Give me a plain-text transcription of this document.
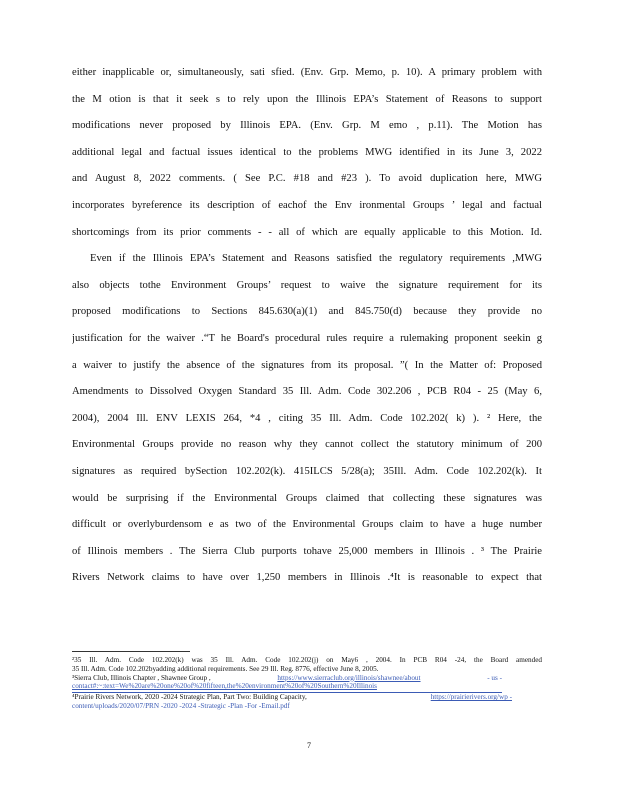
either inapplicable or, simultaneously, sati sfied. (Env. Grp. Memo, p. 10). A primary problem with
the M otion is that it seek s to rely upon the Illinois EPA’s Statement of Reasons to support
modifications never proposed by Illinois EPA. (Env. Grp. M emo , p.11). The Motion has
additional legal and factual issues identical to the problems MWG identified in its June 3, 2022
and August 8, 2022 comments. ( See P.C. #18 and #23 ). To avoid duplication here, MWG
incorporates byreference its description of eachof the Env ironmental Groups ’ legal and factual
shortcomings from its prior comments - - all of which are equally applicable to this Motion. Id.
Even if the Illinois EPA’s Statement and Reasons satisfied the regulatory requirements ,MWG
also objects tothe Environment Groups’ request to waive the signature requirement for its
proposed modifications to Sections 845.630(a)(1) and 845.750(d) because they provide no
justification for the waiver .“T he Board's procedural rules require a rulemaking proponent seekin g
a waiver to justify the absence of the signatures from its proposal. ”( In the Matter of: Proposed
Amendments to Dissolved Oxygen Standard 35 Ill. Adm. Code 302.206 , PCB R04 - 25 (May 6,
2004), 2004 Ill. ENV LEXIS 264, *4 , citing 35 Ill. Adm. Code 102.202( k) ). ² Here, the
Environmental Groups provide no reason why they cannot collect the statutory minimum of 200
signatures as required bySection 102.202(k). 415ILCS 5/28(a); 35Ill. Adm. Code 102.202(k). It
would be surprising if the Environmental Groups claimed that collecting these signatures was
difficult or overlyburdensom e as two of the Environmental Groups claim to have a huge number
of Illinois members . The Sierra Club purports tohave 25,000 members in Illinois . ³ The Prairie
Rivers Network claims to have over 1,250 members in Illinois .⁴It is reasonable to expect that
²35 Ill. Adm. Code 102.202(k) was 35 Ill. Adm. Code 102.202(j) on May6 , 2004. In PCB R04 -24, the Board amended
35 Ill. Adm. Code 102.202byadding additional requirements. See 29 Ill. Reg. 8776, effective June 8, 2005.
³Sierra Club, Illinois Chapter , Shawnee Group ,	https://www.sierraclub.org/illinois/shawnee/about	- us -
contact#:~:text=We%20are%20one%20of%20fifteen,the%20environment%20of%20Southern%20Illinois
⁴Prairie Rivers Network, 2020 -2024 Strategic Plan, Part Two: Building Capacity,	https://prairierivers.org/wp -
content/uploads/2020/07/PRN -2020 -2024 -Strategic -Plan -For -Email.pdf
7
